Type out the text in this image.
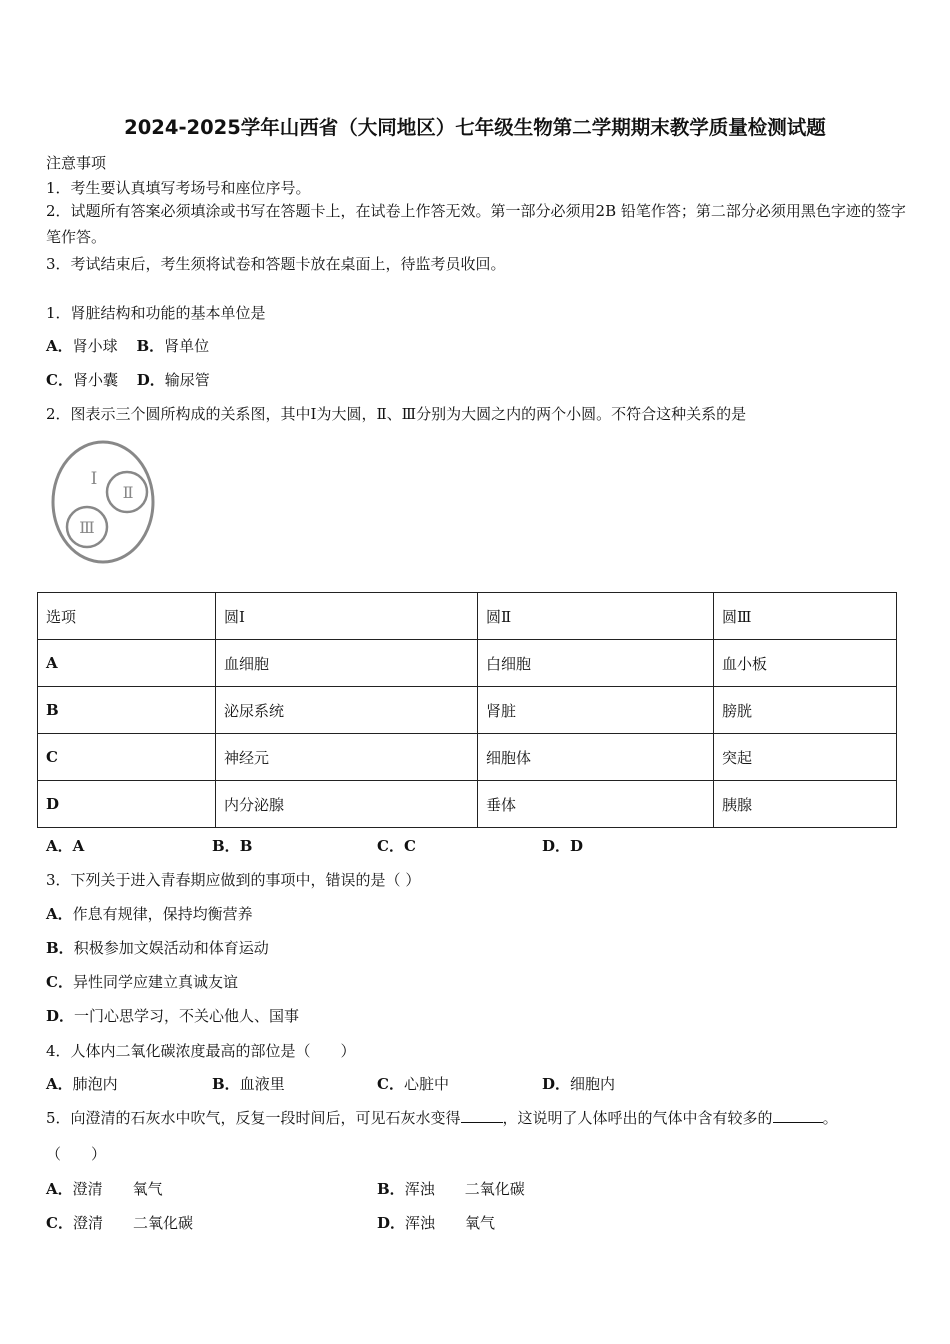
2024-2025学年山西省（大同地区）七年级生物第二学期期末教学质量检测试题
注意事项
1．考生要认真填写考场号和座位序号。
2．试题所有答案必须填涂或书写在答题卡上，在试卷上作答无效。第一部分必须用2B 铅笔作答；第二部分必须用黑色字迹的签字笔作答。
3．考试结束后，考生须将试卷和答题卡放在桌面上，待监考员收回。
1．肾脏结构和功能的基本单位是
A．肾小球 B．肾单位
C．肾小囊 D．输尿管
2．图表示三个圆所构成的关系图，其中Ⅰ为大圆，Ⅱ、Ⅲ分别为大圆之内的两个小圆。不符合这种关系的是
Ⅰ
Ⅱ
Ⅲ
选项	圆Ⅰ	圆Ⅱ	圆Ⅲ
A	血细胞	白细胞	血小板
B	泌尿系统	肾脏	膀胱
C	神经元	细胞体	突起
D	内分泌腺	垂体	胰腺
A．A	B．B	C．C	D．D
3．下列关于进入青春期应做到的事项中，错误的是（ ）
A．作息有规律，保持均衡营养
B．积极参加文娱活动和体育运动
C．异性同学应建立真诚友谊
D．一门心思学习，不关心他人、国事
4．人体内二氧化碳浓度最高的部位是（　　）
A．肺泡内	B．血液里	C．心脏中	D．细胞内
5．向澄清的石灰水中吹气，反复一段时间后，可见石灰水变得	，这说明了人体呼出的气体中含有较多的	。
（　　）
A．澄清　　氧气	B．浑浊　　二氧化碳
C．澄清　　二氧化碳	D．浑浊　　氧气
